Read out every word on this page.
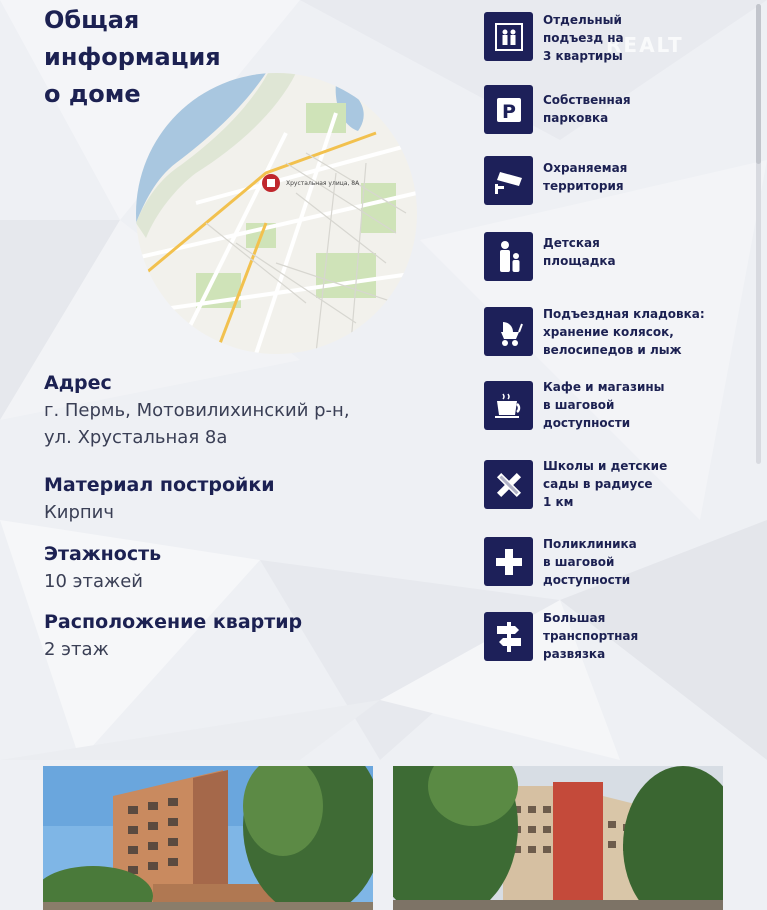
REALT
Общая
информация
о доме
Хрустальная улица, 8А
Адрес
г. Пермь, Мотовилихинский р-н,
ул. Хрустальная 8а
Материал постройки
Кирпич
Этажность
10 этажей
Расположение квартир
2 этаж
Отдельный
подъезд на
3 квартиры
P
Собственная
парковка
Охраняемая
территория
Детская
площадка
Подъездная кладовка:
хранение колясок,
велосипедов и лыж
Кафе и магазины
в шаговой
доступности
Школы и детские
сады в радиусе
1 км
Поликлиника
в шаговой
доступности
Большая
транспортная
развязка
